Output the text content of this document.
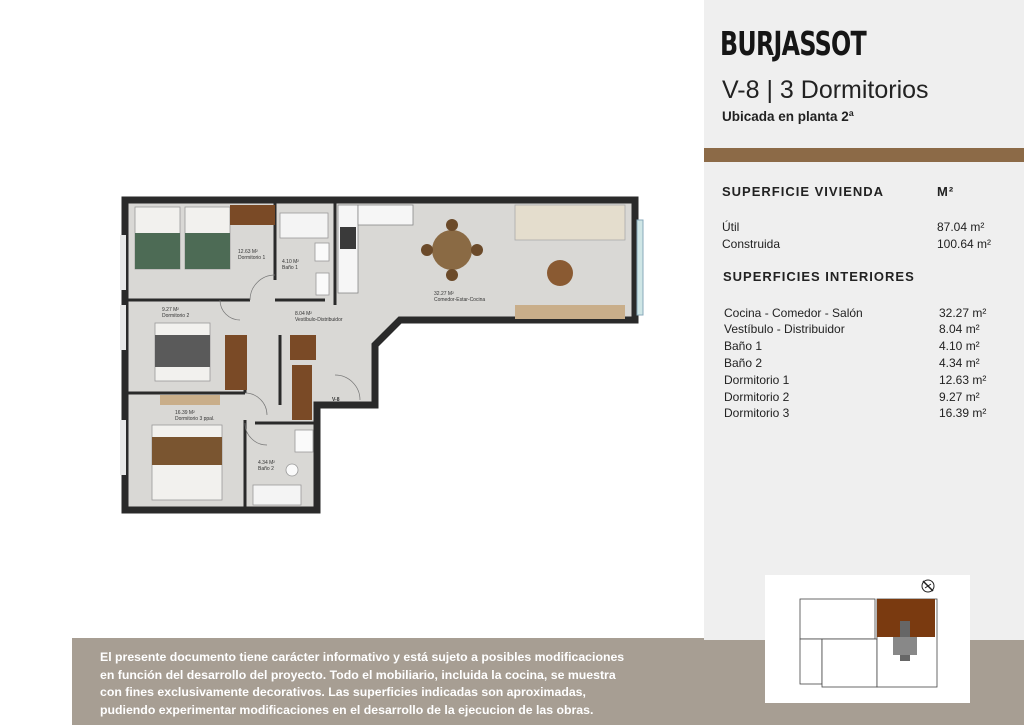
BURJASSOT
V-8 | 3 Dormitorios
Ubicada en planta 2ª
SUPERFICIE VIVIENDA	M²
Útil	87.04 m²
Construida	100.64 m²
SUPERFICIES INTERIORES
Cocina - Comedor - Salón	32.27 m²
Vestíbulo - Distribuidor	8.04 m²
Baño 1	4.10 m²
Baño 2	4.34 m²
Dormitorio 1	12.63 m²
Dormitorio 2	9.27 m²
Dormitorio 3	16.39 m²
12.63 M²
Dormitorio 1
4.10 M²
Baño 1
32.27 M²
Comedor-Estar-Cocina
9.27 M²
Dormitorio 2	8.04 M²
Vestíbulo-Distribuidor
16.39 M²
Dormitorio 3 ppal.
4.34 M²
Baño 2
V-8
El presente documento tiene carácter informativo y está sujeto a posibles modificaciones
en función del desarrollo del proyecto. Todo el mobiliario, incluida la cocina, se muestra
con fines exclusivamente decorativos. Las superficies indicadas son aproximadas,
pudiendo experimentar modificaciones en el desarrollo de la ejecucion de las obras.
